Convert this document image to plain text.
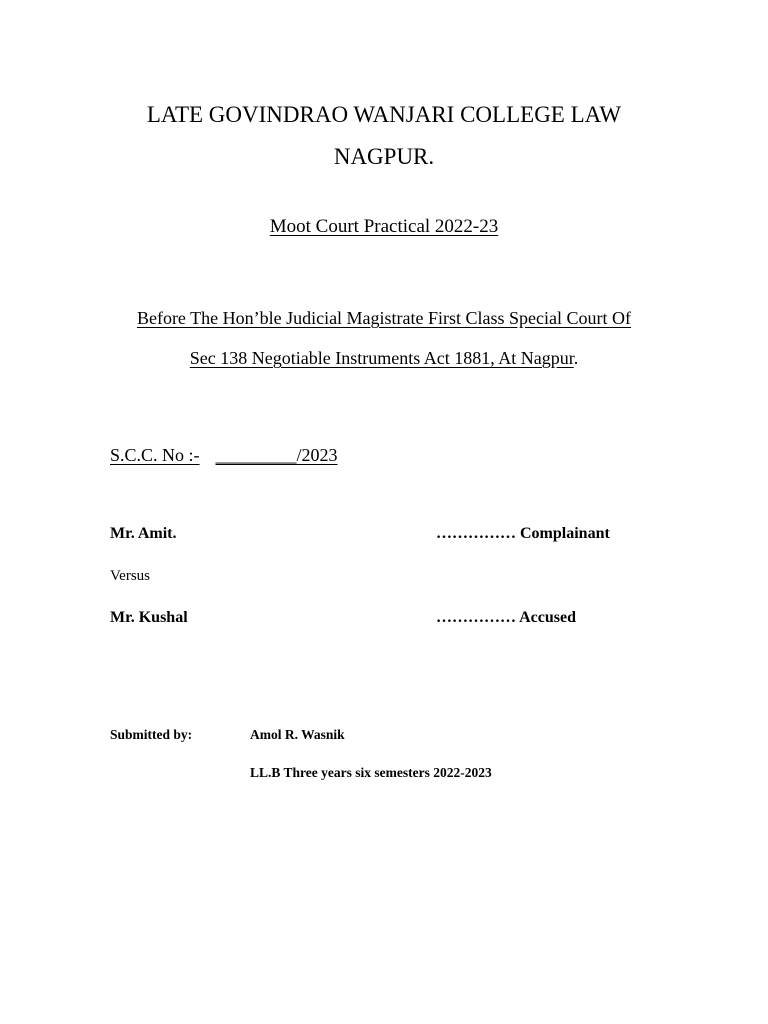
LATE GOVINDRAO WANJARI COLLEGE LAW
NAGPUR.
Moot Court Practical 2022-23
Before The Hon’ble Judicial Magistrate First Class Special Court Of
Sec 138 Negotiable Instruments Act 1881, At Nagpur.
S.C.C. No :- _________/2023
Mr. Amit.	…………… Complainant
Versus
Mr. Kushal	…………… Accused
Submitted by:	Amol R. Wasnik
LL.B Three years six semesters 2022-2023
